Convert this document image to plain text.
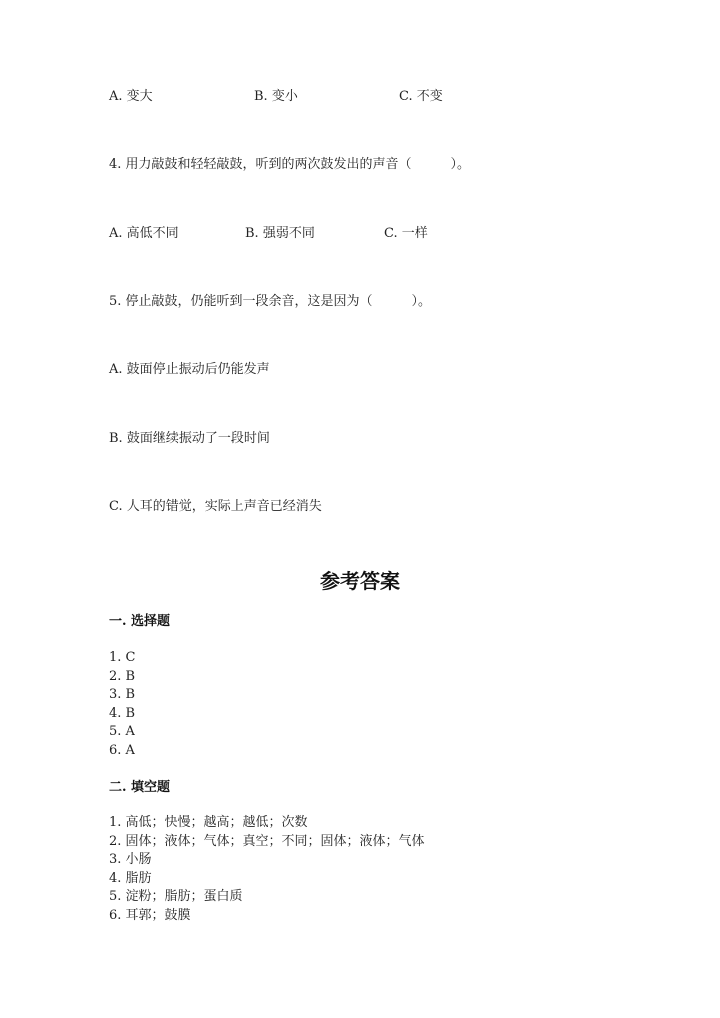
A. 变大	B. 变小	C. 不变
4. 用力敲鼓和轻轻敲鼓，听到的两次鼓发出的声音（　　　）。
A. 高低不同	B. 强弱不同	C. 一样
5. 停止敲鼓，仍能听到一段余音，这是因为（　　　）。
A. 鼓面停止振动后仍能发声
B. 鼓面继续振动了一段时间
C. 人耳的错觉，实际上声音已经消失
参考答案
一. 选择题
1. C
2. B
3. B
4. B
5. A
6. A
二. 填空题
1. 高低；快慢；越高；越低；次数
2. 固体；液体；气体；真空；不同；固体；液体；气体
3. 小肠
4. 脂肪
5. 淀粉；脂肪；蛋白质
6. 耳郭；鼓膜
